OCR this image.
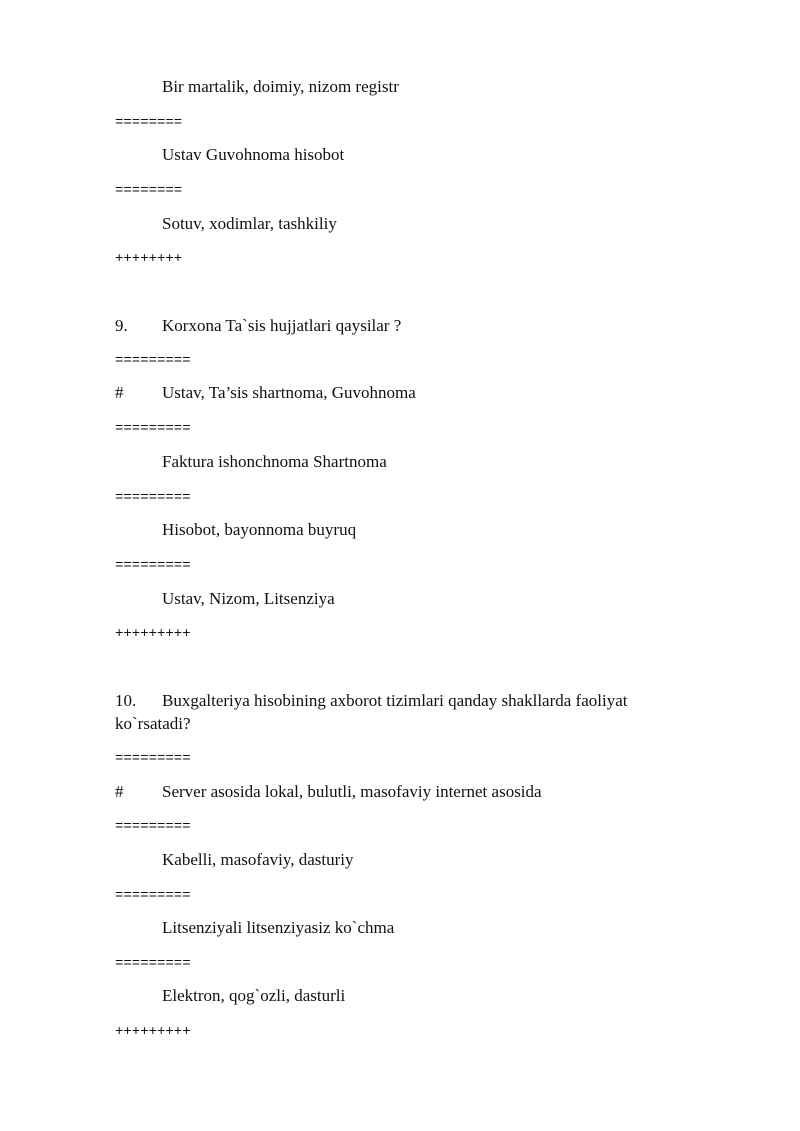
Bir martalik, doimiy, nizom registr
========
Ustav Guvohnoma hisobot
========
Sotuv, xodimlar, tashkiliy
++++++++
9. Korxona Ta`sis hujjatlari qaysilar ?
=========
# Ustav, Ta’sis shartnoma, Guvohnoma
=========
Faktura ishonchnoma Shartnoma
=========
Hisobot, bayonnoma buyruq
=========
Ustav, Nizom, Litsenziya
+++++++++
10. Buxgalteriya hisobining axborot tizimlari qanday shakllarda faoliyat ko`rsatadi?
=========
# Server asosida lokal, bulutli, masofaviy internet asosida
=========
Kabelli, masofaviy, dasturiy
=========
Litsenziyali litsenziyasiz ko`chma
=========
Elektron, qog`ozli, dasturli
+++++++++
